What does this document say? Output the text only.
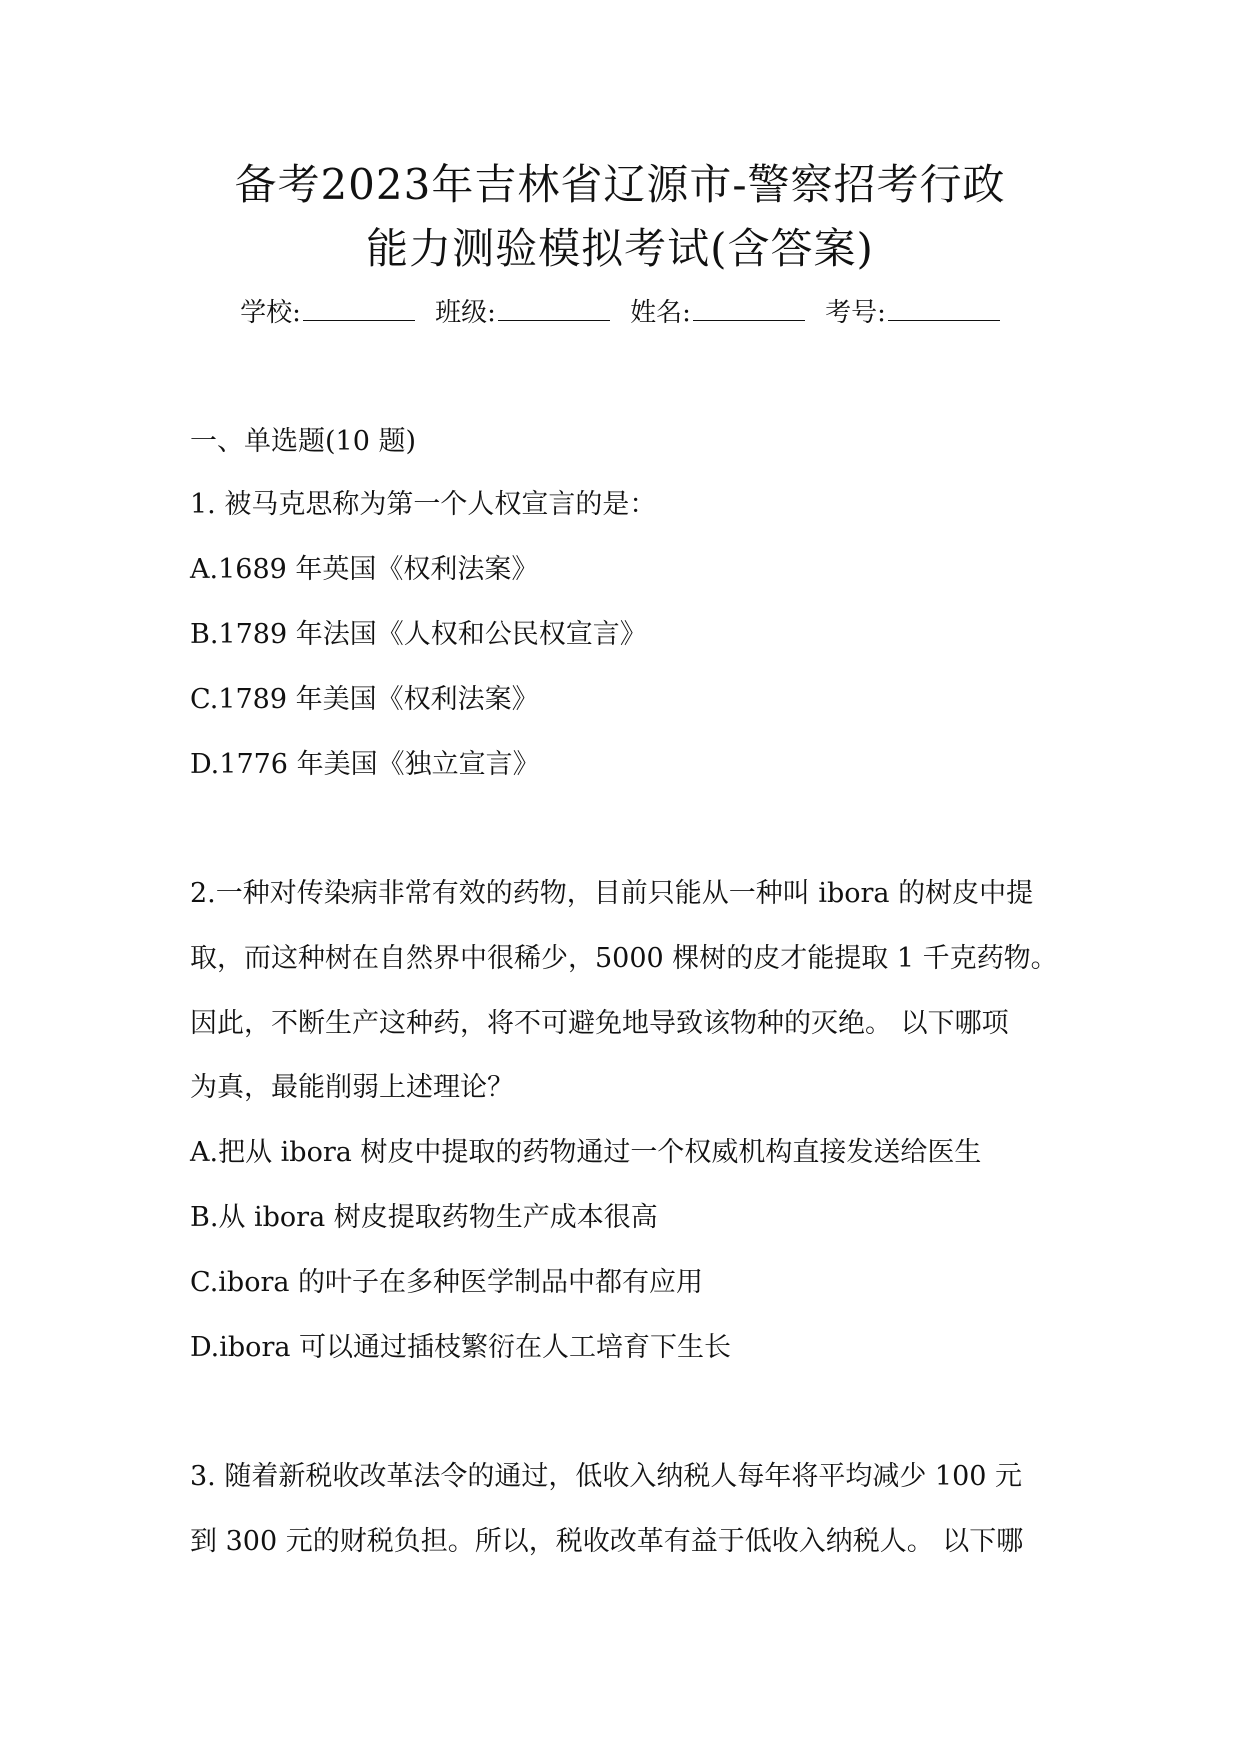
备考2023年吉林省辽源市-警察招考行政
能力测验模拟考试(含答案)
学校:	班级:	姓名:	考号:
一、单选题(10 题)
1. 被马克思称为第一个人权宣言的是：
A.1689 年英国《权利法案》
B.1789 年法国《人权和公民权宣言》
C.1789 年美国《权利法案》
D.1776 年美国《独立宣言》
2.一种对传染病非常有效的药物，目前只能从一种叫 ibora 的树皮中提
取，而这种树在自然界中很稀少，5000 棵树的皮才能提取 1 千克药物。
因此，不断生产这种药，将不可避免地导致该物种的灭绝。 以下哪项
为真，最能削弱上述理论？
A.把从 ibora 树皮中提取的药物通过一个权威机构直接发送给医生
B.从 ibora 树皮提取药物生产成本很高
C.ibora 的叶子在多种医学制品中都有应用
D.ibora 可以通过插枝繁衍在人工培育下生长
3. 随着新税收改革法令的通过，低收入纳税人每年将平均减少 100 元
到 300 元的财税负担。所以，税收改革有益于低收入纳税人。 以下哪
